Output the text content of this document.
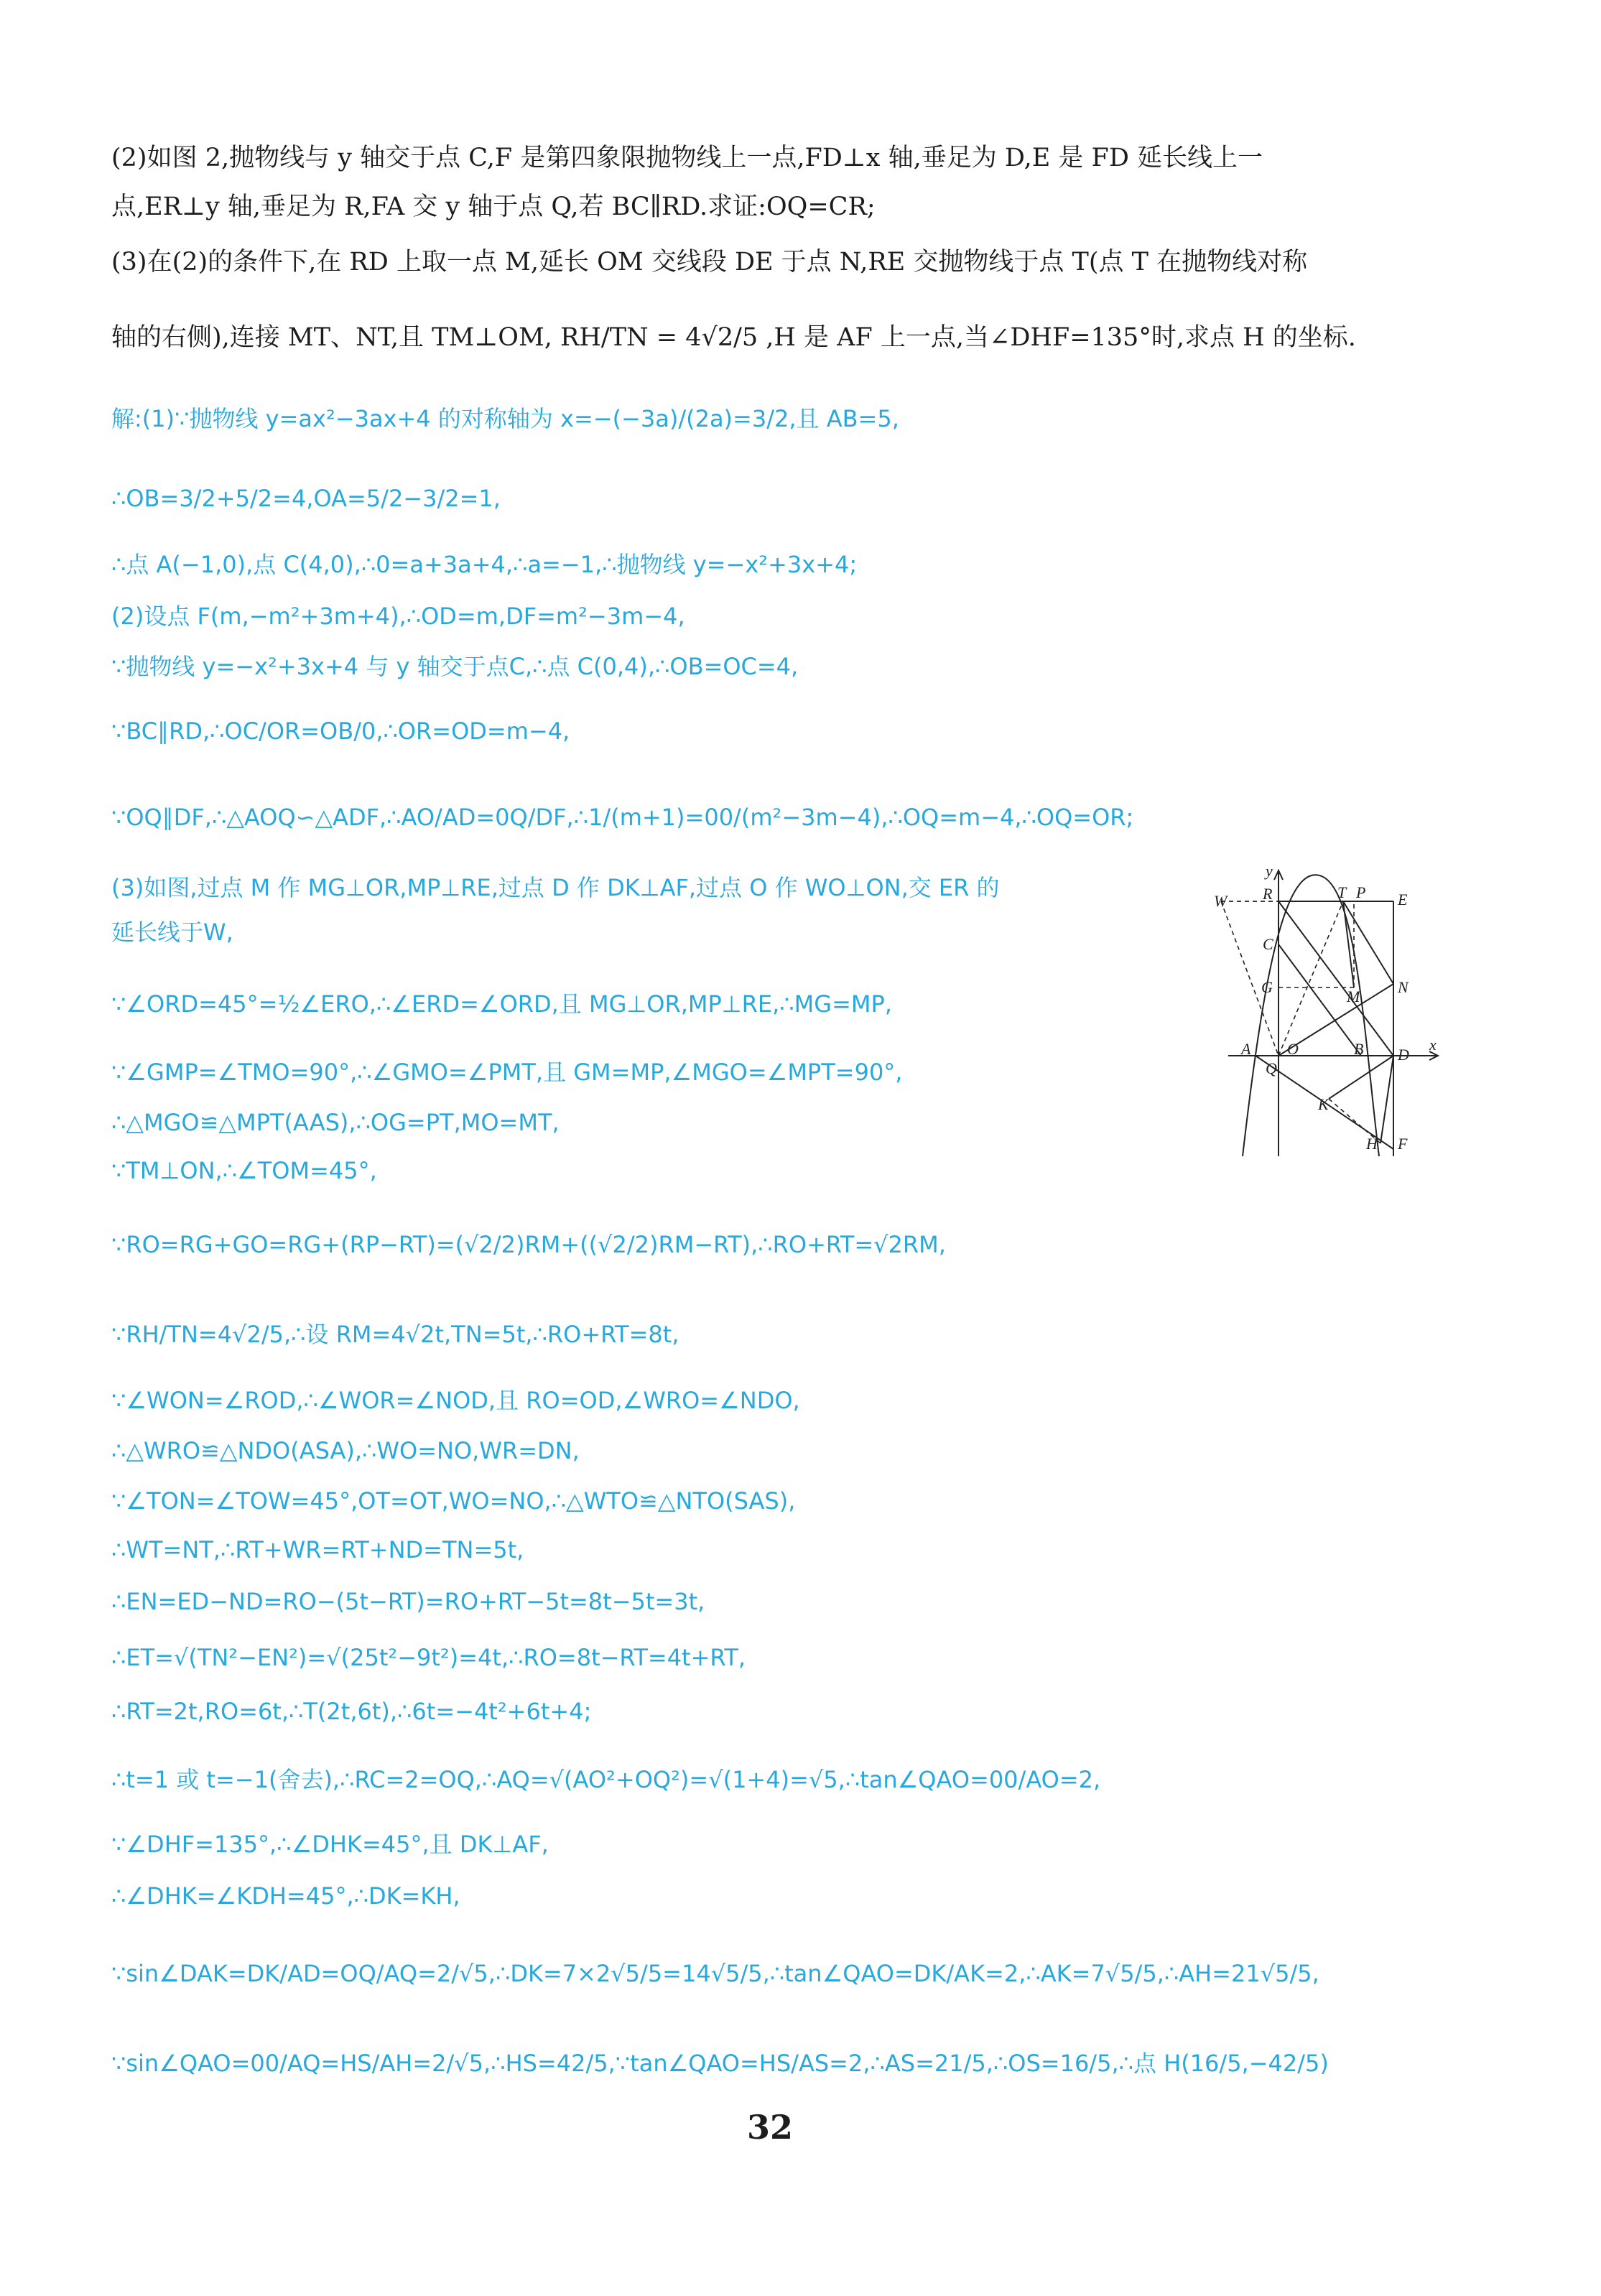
(2)如图 2,抛物线与 y 轴交于点 C,F 是第四象限抛物线上一点,FD⊥x 轴,垂足为 D,E 是 FD 延长线上一
点,ER⊥y 轴,垂足为 R,FA 交 y 轴于点 Q,若 BC∥RD.求证:OQ=CR;
(3)在(2)的条件下,在 RD 上取一点 M,延长 OM 交线段 DE 于点 N,RE 交抛物线于点 T(点 T 在抛物线对称
轴的右侧),连接 MT、NT,且 TM⊥OM, RH/TN = 4√2/5 ,H 是 AF 上一点,当∠DHF=135°时,求点 H 的坐标.
解:(1)∵抛物线 y=ax²−3ax+4 的对称轴为 x=−(−3a)/(2a)=3/2,且 AB=5,
∴OB=3/2+5/2=4,OA=5/2−3/2=1,
∴点 A(−1,0),点 C(4,0),∴0=a+3a+4,∴a=−1,∴抛物线 y=−x²+3x+4;
(2)设点 F(m,−m²+3m+4),∴OD=m,DF=m²−3m−4,
∵抛物线 y=−x²+3x+4 与 y 轴交于点C,∴点 C(0,4),∴OB=OC=4,
∵BC∥RD,∴OC/OR=OB/0,∴OR=OD=m−4,
∵OQ∥DF,∴△AOQ∽△ADF,∴AO/AD=0Q/DF,∴1/(m+1)=00/(m²−3m−4),∴OQ=m−4,∴OQ=OR;
(3)如图,过点 M 作 MG⊥OR,MP⊥RE,过点 D 作 DK⊥AF,过点 O 作 WO⊥ON,交 ER 的
延长线于W,
∵∠ORD=45°=½∠ERO,∴∠ERD=∠ORD,且 MG⊥OR,MP⊥RE,∴MG=MP,
∵∠GMP=∠TMO=90°,∴∠GMO=∠PMT,且 GM=MP,∠MGO=∠MPT=90°,
∴△MGO≌△MPT(AAS),∴OG=PT,MO=MT,
∵TM⊥ON,∴∠TOM=45°,
∵RO=RG+GO=RG+(RP−RT)=(√2/2)RM+((√2/2)RM−RT),∴RO+RT=√2RM,
∵RH/TN=4√2/5,∴设 RM=4√2t,TN=5t,∴RO+RT=8t,
∵∠WON=∠ROD,∴∠WOR=∠NOD,且 RO=OD,∠WRO=∠NDO,
∴△WRO≌△NDO(ASA),∴WO=NO,WR=DN,
∵∠TON=∠TOW=45°,OT=OT,WO=NO,∴△WTO≌△NTO(SAS),
∴WT=NT,∴RT+WR=RT+ND=TN=5t,
∴EN=ED−ND=RO−(5t−RT)=RO+RT−5t=8t−5t=3t,
∴ET=√(TN²−EN²)=√(25t²−9t²)=4t,∴RO=8t−RT=4t+RT,
∴RT=2t,RO=6t,∴T(2t,6t),∴6t=−4t²+6t+4;
∴t=1 或 t=−1(舍去),∴RC=2=OQ,∴AQ=√(AO²+OQ²)=√(1+4)=√5,∴tan∠QAO=00/AO=2,
∵∠DHF=135°,∴∠DHK=45°,且 DK⊥AF,
∴∠DHK=∠KDH=45°,∴DK=KH,
∵sin∠DAK=DK/AD=OQ/AQ=2/√5,∴DK=7×2√5/5=14√5/5,∴tan∠QAO=DK/AK=2,∴AK=7√5/5,∴AH=21√5/5,
∵sin∠QAO=00/AQ=HS/AH=2/√5,∴HS=42/5,∵tan∠QAO=HS/AS=2,∴AS=21/5,∴OS=16/5,∴点 H(16/5,−42/5)
y
R	T P E
W
C
G
M
N
A
Q
O	B D
x
K
H F
32
